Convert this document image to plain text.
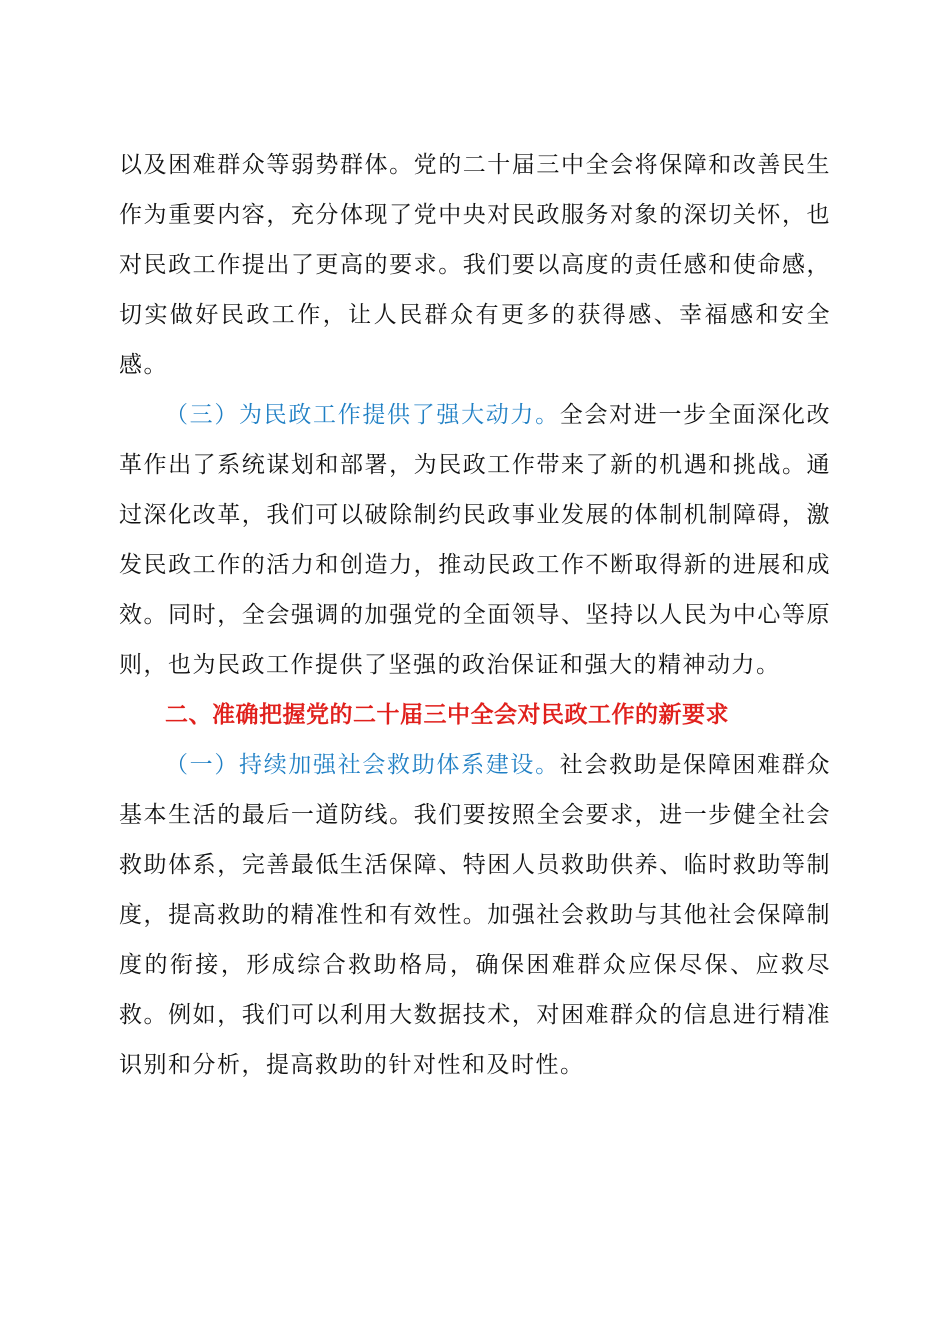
以及困难群众等弱势群体。党的二十届三中全会将保障和改善民生作为重要内容，充分体现了党中央对民政服务对象的深切关怀，也对民政工作提出了更高的要求。我们要以高度的责任感和使命感，切实做好民政工作，让人民群众有更多的获得感、幸福感和安全感。

（三）为民政工作提供了强大动力。全会对进一步全面深化改革作出了系统谋划和部署，为民政工作带来了新的机遇和挑战。通过深化改革，我们可以破除制约民政事业发展的体制机制障碍，激发民政工作的活力和创造力，推动民政工作不断取得新的进展和成效。同时，全会强调的加强党的全面领导、坚持以人民为中心等原则，也为民政工作提供了坚强的政治保证和强大的精神动力。

二、准确把握党的二十届三中全会对民政工作的新要求

（一）持续加强社会救助体系建设。社会救助是保障困难群众基本生活的最后一道防线。我们要按照全会要求，进一步健全社会救助体系，完善最低生活保障、特困人员救助供养、临时救助等制度，提高救助的精准性和有效性。加强社会救助与其他社会保障制度的衔接，形成综合救助格局，确保困难群众应保尽保、应救尽救。例如，我们可以利用大数据技术，对困难群众的信息进行精准识别和分析，提高救助的针对性和及时性。
